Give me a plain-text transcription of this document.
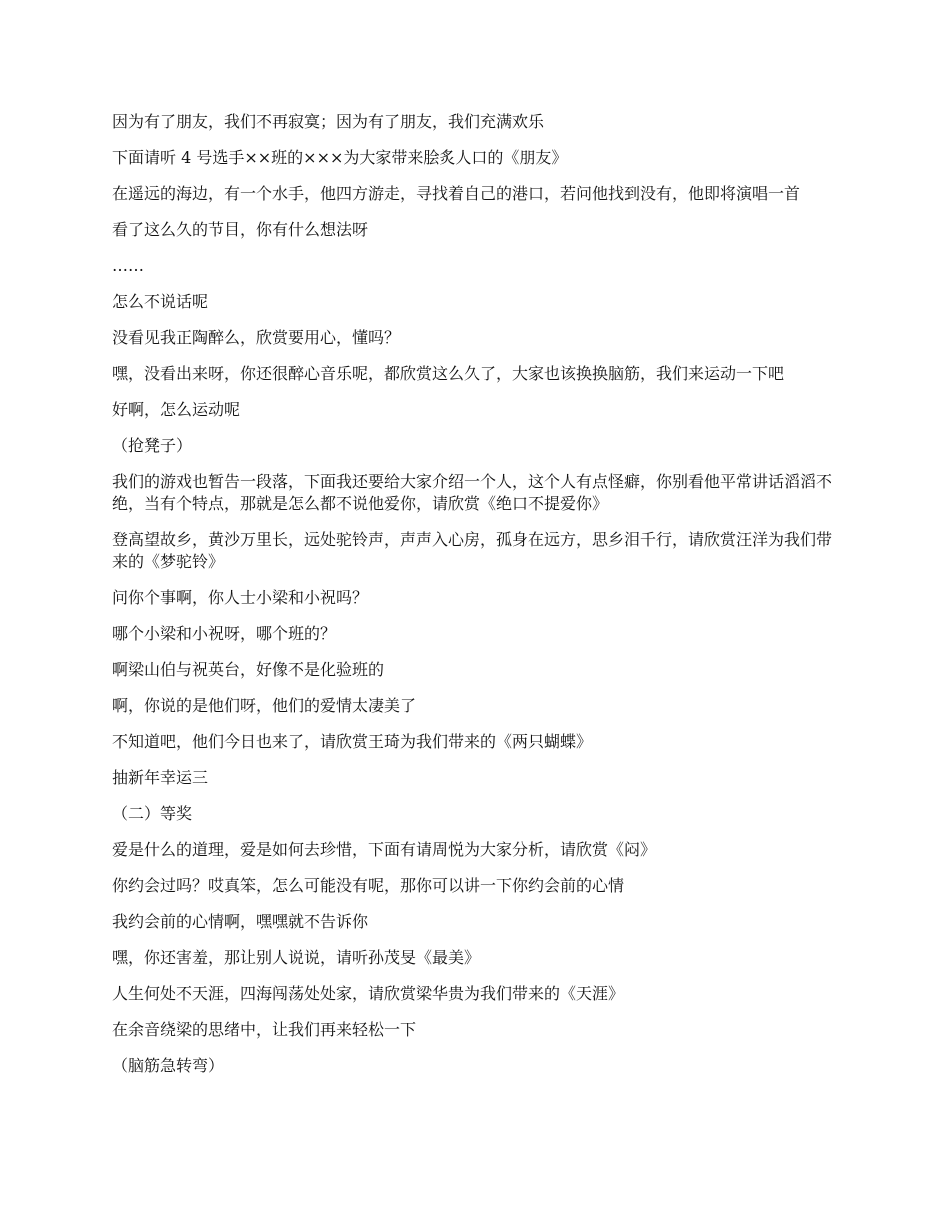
因为有了朋友，我们不再寂寞；因为有了朋友，我们充满欢乐

下面请听 4 号选手××班的×××为大家带来脍炙人口的《朋友》

在遥远的海边，有一个水手，他四方游走，寻找着自己的港口，若问他找到没有，他即将演唱一首

看了这么久的节目，你有什么想法呀

……

怎么不说话呢

没看见我正陶醉么，欣赏要用心，懂吗？

嘿，没看出来呀，你还很醉心音乐呢，都欣赏这么久了，大家也该换换脑筋，我们来运动一下吧

好啊，怎么运动呢

（抢凳子）

我们的游戏也暂告一段落，下面我还要给大家介绍一个人，这个人有点怪癖，你别看他平常讲话滔滔不绝，当有个特点，那就是怎么都不说他爱你，请欣赏《绝口不提爱你》

登高望故乡，黄沙万里长，远处驼铃声，声声入心房，孤身在远方，思乡泪千行，请欣赏汪洋为我们带来的《梦驼铃》

问你个事啊，你人士小梁和小祝吗？

哪个小梁和小祝呀，哪个班的？

啊梁山伯与祝英台，好像不是化验班的

啊，你说的是他们呀，他们的爱情太凄美了

不知道吧，他们今日也来了，请欣赏王琦为我们带来的《两只蝴蝶》

抽新年幸运三

（二）等奖

爱是什么的道理，爱是如何去珍惜，下面有请周悦为大家分析，请欣赏《闷》

你约会过吗？哎真笨，怎么可能没有呢，那你可以讲一下你约会前的心情

我约会前的心情啊，嘿嘿就不告诉你

嘿，你还害羞，那让别人说说，请听孙茂旻《最美》

人生何处不天涯，四海闯荡处处家，请欣赏梁华贵为我们带来的《天涯》

在余音绕梁的思绪中，让我们再来轻松一下

（脑筋急转弯）
